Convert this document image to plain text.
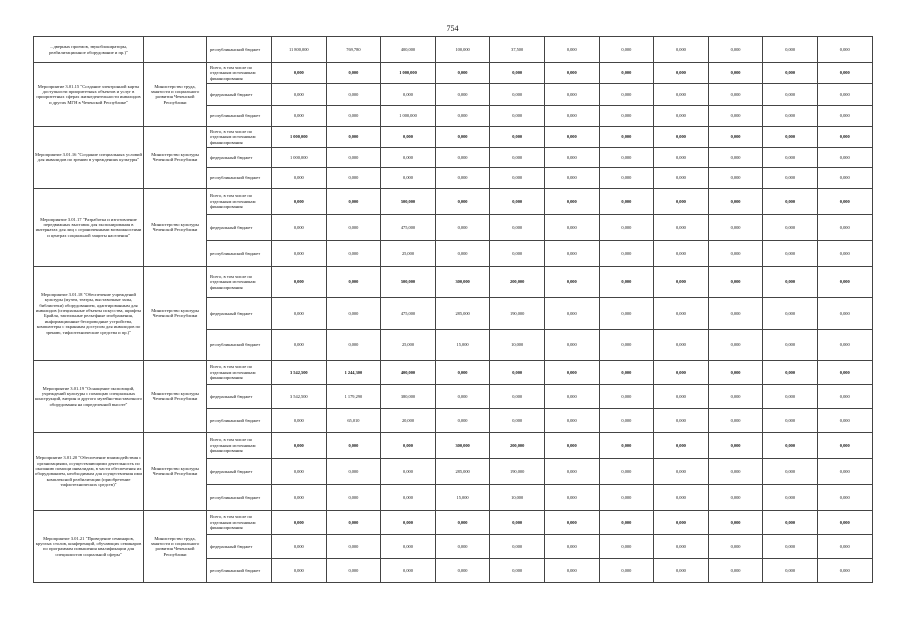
754
...дверных проемов, звукоблокираторы, реабилитационное оборудование и пр.)"		республиканский бюджет	11 800,000	769,780	400,000	100,000	37,500	0,000	0,000	0,000	0,000	0,000	0,000
Мероприятие 3.01.15 "Создание электронной карты доступности приоритетных объектов и услуг в приоритетных сферах жизнедеятельности инвалидов и других МГН в Чеченской Республике"	Министерство труда, занятости и социального развития Чеченской Республики	Всего, в том числе по отдельным источникам финансирования	0,000	0,000	1 000,000	0,000	0,000	0,000	0,000	0,000	0,000	0,000	0,000
		федеральный бюджет	0,000	0,000	0,000	0,000	0,000	0,000	0,000	0,000	0,000	0,000	0,000
		республиканский бюджет	0,000	0,000	1 000,000	0,000	0,000	0,000	0,000	0,000	0,000	0,000	0,000
Мероприятие 3.01.16 "Создание специальных условий для инвалидов по зрению в учреждениях культуры"	Министерство культуры Чеченской Республики	Всего, в том числе по отдельным источникам финансирования	1 000,000	0,000	0,000	0,000	0,000	0,000	0,000	0,000	0,000	0,000	0,000
		федеральный бюджет	1 000,000	0,000	0,000	0,000	0,000	0,000	0,000	0,000	0,000	0,000	0,000
		республиканский бюджет	0,000	0,000	0,000	0,000	0,000	0,000	0,000	0,000	0,000	0,000	0,000
Мероприятие 3.01.17 "Разработка и изготовление передвижных выставок для экспонирования в интернатах для лиц с ограниченными возможностями и центрах социальной защиты населения"	Министерство культуры Чеченской Республики	Всего, в том числе по отдельным источникам финансирования	0,000	0,000	500,000	0,000	0,000	0,000	0,000	0,000	0,000	0,000	0,000
		федеральный бюджет	0,000	0,000	475,000	0,000	0,000	0,000	0,000	0,000	0,000	0,000	0,000
		республиканский бюджет	0,000	0,000	25,000	0,000	0,000	0,000	0,000	0,000	0,000	0,000	0,000
Мероприятие 3.01.18 "Обеспечение учреждений культуры (музеи, театры, выставочные залы, библиотеки) оборудованием, адаптированным для инвалидов (специальные объекты искусства, шрифты Брайля, тактильные рельефные изображения, информационные беспроводные устройства, компьютеры с экранным доступом для инвалидов по зрению, тифлотехнические средства и пр.)"	Министерство культуры Чеченской Республики	Всего, в том числе по отдельным источникам финансирования	0,000	0,000	500,000	300,000	200,000	0,000	0,000	0,000	0,000	0,000	0,000
		федеральный бюджет	0,000	0,000	475,000	285,000	190,000	0,000	0,000	0,000	0,000	0,000	0,000
		республиканский бюджет	0,000	0,000	25,000	15,000	10,000	0,000	0,000	0,000	0,000	0,000	0,000
Мероприятие 3.01.19 "Оснащение экспозиций, учреждений культуры с помощью специальных конструкций, витрин и другого музейно-выставочного оборудования на определенной высоте"	Министерство культуры Чеченской Республики	Всего, в том числе по отдельным источникам финансирования	3 542,500	1 244,300	400,000	0,000	0,000	0,000	0,000	0,000	0,000	0,000	0,000
		федеральный бюджет	3 542,500	1 179,290	380,000	0,000	0,000	0,000	0,000	0,000	0,000	0,000	0,000
		республиканский бюджет	0,000	65,010	20,000	0,000	0,000	0,000	0,000	0,000	0,000	0,000	0,000
Мероприятие 3.01.20 "Обеспечение взаимодействия с организациями, осуществляющими деятельность по оказанию помощи инвалидам, в части обеспечения их оборудованием, необходимым для осуществления ими комплексной реабилитации (приобретение тифлотехнических средств)"	Министерство культуры Чеченской Республики	Всего, в том числе по отдельным источникам финансирования	0,000	0,000	0,000	300,000	200,000	0,000	0,000	0,000	0,000	0,000	0,000
		федеральный бюджет	0,000	0,000	0,000	285,000	190,000	0,000	0,000	0,000	0,000	0,000	0,000
		республиканский бюджет	0,000	0,000	0,000	15,000	10,000	0,000	0,000	0,000	0,000	0,000	0,000
Мероприятие 3.01.21 "Проведение семинаров, круглых столов, конференций, обучающих семинаров по программам повышения квалификации для специалистов социальной сферы"	Министерство труда, занятости и социального развития Чеченской Республики	Всего, в том числе по отдельным источникам финансирования	0,000	0,000	0,000	0,000	0,000	0,000	0,000	0,000	0,000	0,000	0,000
		федеральный бюджет	0,000	0,000	0,000	0,000	0,000	0,000	0,000	0,000	0,000	0,000	0,000
		республиканский бюджет	0,000	0,000	0,000	0,000	0,000	0,000	0,000	0,000	0,000	0,000	0,000
